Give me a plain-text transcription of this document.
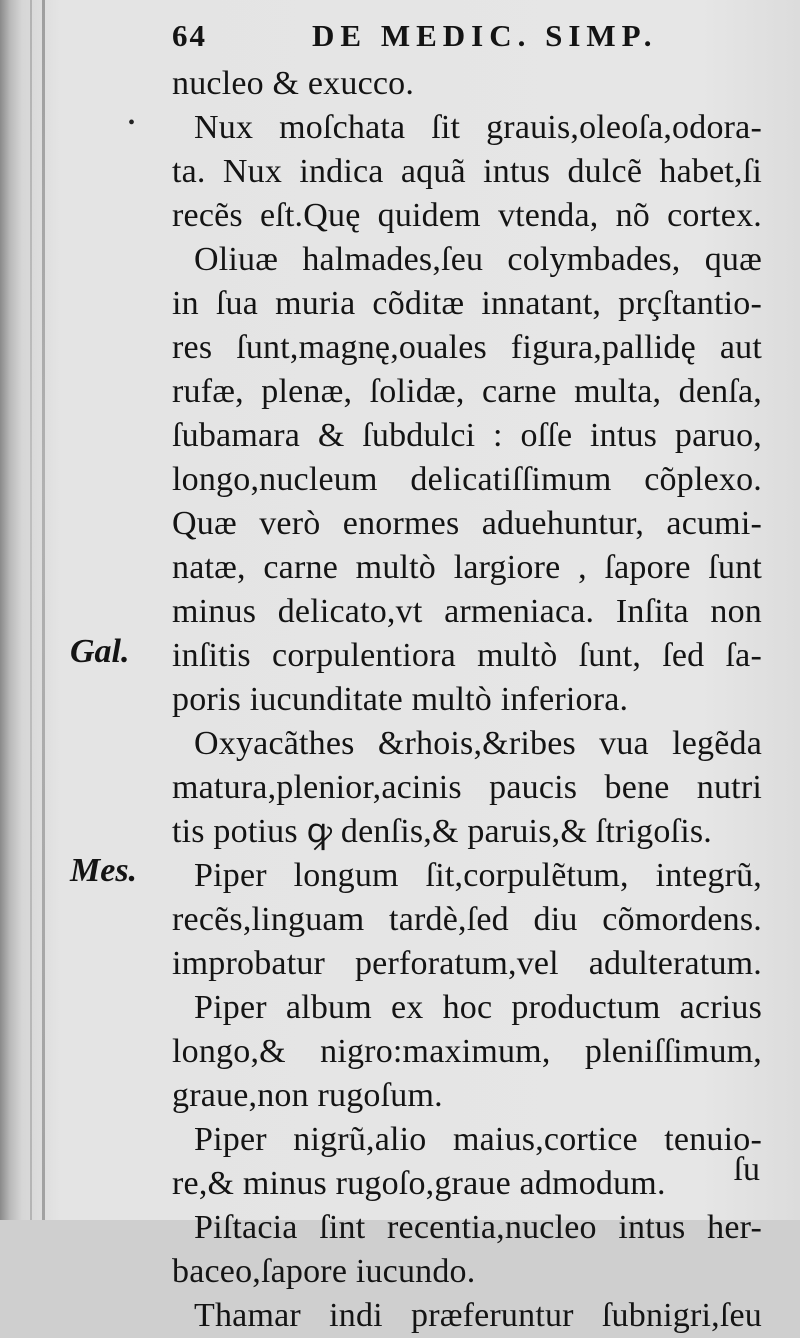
64	DE MEDIC. SIMP.
Gal.
Mes.
•
nucleo & exucco.
Nux moſchata ſit grauis,oleoſa,odora-
ta. Nux indica aquã intus dulcẽ habet,ſi
recẽs eſt.Quę quidem vtenda, nõ cortex.
Oliuæ halmades,ſeu colymbades, quæ
in ſua muria cõditæ innatant, prçſtantio-
res ſunt,magnę,ouales figura,pallidę aut
rufæ, plenæ, ſolidæ, carne multa, denſa,
ſubamara & ſubdulci : oſſe intus paruo,
longo,nucleum delicatiſſimum cõplexo.
Quæ verò enormes aduehuntur, acumi-
natæ, carne multò largiore , ſapore ſunt
minus delicato,vt armeniaca. Inſita non
inſitis corpulentiora multò ſunt, ſed ſa-
poris iucunditate multò inferiora.
Oxyacãthes &rhois,&ribes vua legẽda
matura,plenior,acinis paucis bene nutri
tis potius ꝙ denſis,& paruis,& ſtrigoſis.
Piper longum ſit,corpulẽtum, integrũ,
recẽs,linguam tardè,ſed diu cõmordens.
improbatur perforatum,vel adulteratum.
Piper album ex hoc productum acrius
longo,& nigro:maximum, pleniſſimum,
graue,non rugoſum.
Piper nigrũ,alio maius,cortice tenuio-
re,& minus rugoſo,graue admodum.
Piſtacia ſint recentia,nucleo intus her-
baceo,ſapore iucundo.
Thamar indi præferuntur ſubnigri,ſeu
ſu
